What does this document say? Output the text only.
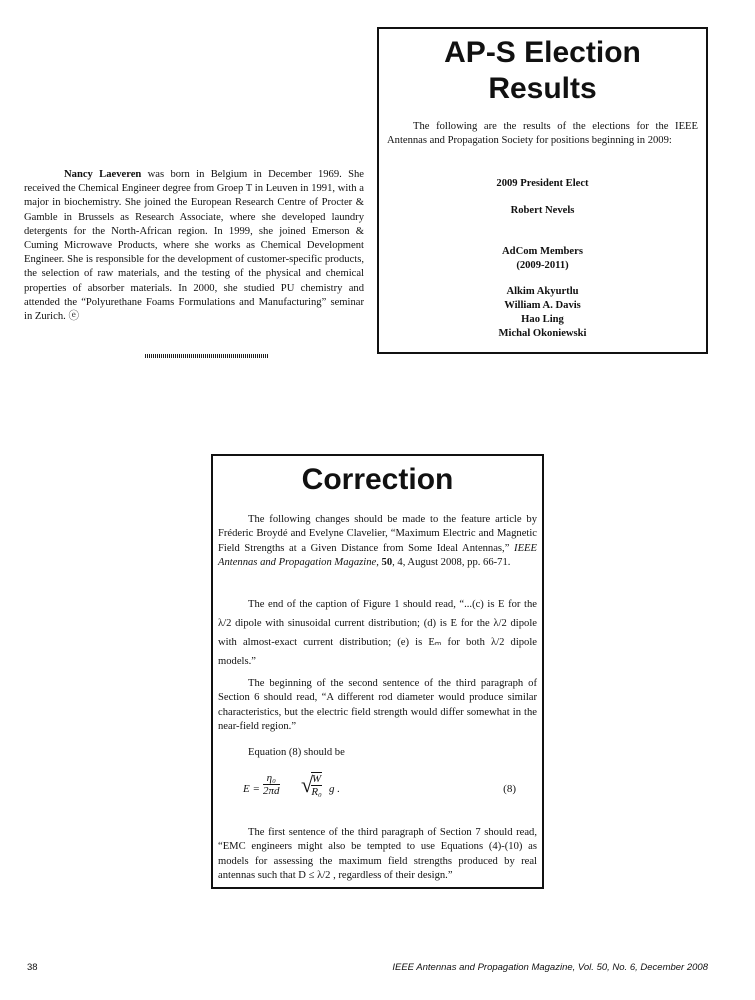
Nancy Laeveren was born in Belgium in December 1969. She received the Chemical Engineer degree from Groep T in Leuven in 1991, with a major in biochemistry. She joined the European Research Centre of Procter & Gamble in Brussels as Research Associate, where she developed laundry detergents for the North-African region. In 1999, she joined Emerson & Cuming Microwave Products, where she works as Chemical Development Engineer. She is responsible for the development of customer-specific products, the selection of raw materials, and the testing of the physical and chemical properties of absorber materials. In 2000, she studied PU chemistry and attended the “Polyurethane Foams Formulations and Manufacturing” seminar in Zurich. ⓔ
AP-S Election
Results
The following are the results of the elections for the IEEE Antennas and Propagation Society for positions beginning in 2009:
2009 President Elect
Robert Nevels
AdCom Members
(2009-2011)
Alkim Akyurtlu
William A. Davis
Hao Ling
Michal Okoniewski
Correction

The following changes should be made to the feature article by Fréderic Broydé and Evelyne Clavelier, “Maximum Electric and Magnetic Field Strengths at a Given Distance from Some Ideal Antennas,” IEEE Antennas and Propagation Magazine, 50, 4, August 2008, pp. 66-71.

The end of the caption of Figure 1 should read, “...(c) is E for the λ/2 dipole with sinusoidal current distribution; (d) is E for the λ/2 dipole with almost-exact current distribution; (e) is Eₘ for both λ/2 dipole models.”

The beginning of the second sentence of the third paragraph of Section 6 should read, “A different rod diameter would produce similar characteristics, but the electric field strength would differ somewhat in the near-field region.”

Equation (8) should be

$E = \frac{\text{η₀}}{2\pi d}$ √
$\frac{W}{\text{R₀}}$ g .	(8)

The first sentence of the third paragraph of Section 7 should read, “EMC engineers might also be tempted to use Equations (4)-(10) as models for assessing the maximum field strengths produced by real antennas such that D ≤ λ/2 , regardless of their design.”

38	IEEE Antennas and Propagation Magazine, Vol. 50, No. 6, December 2008
